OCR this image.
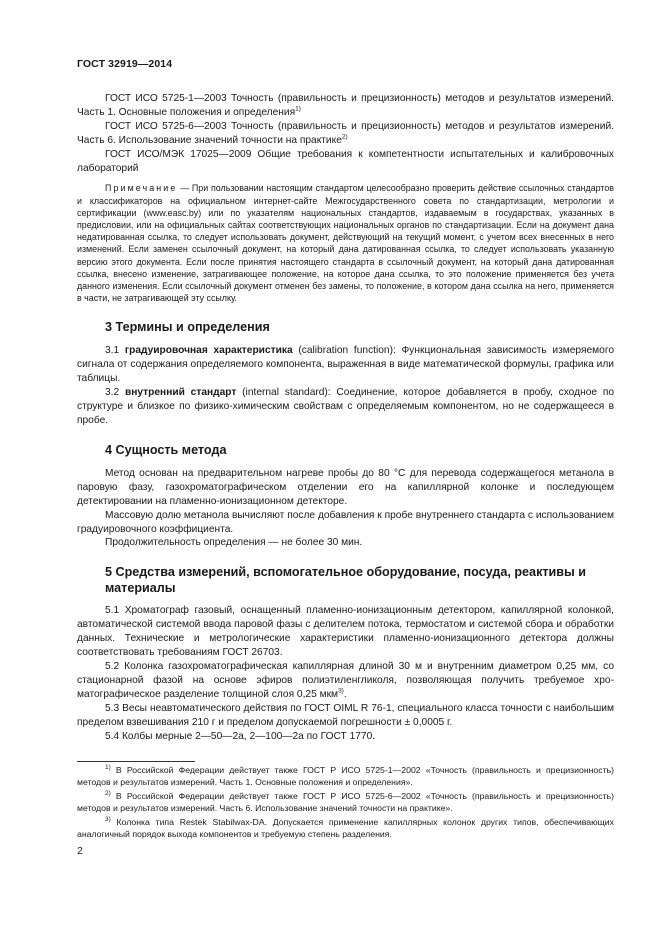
ГОСТ 32919—2014

ГОСТ ИСО 5725-1—2003 Точность (правильность и прецизионность) методов и результатов измерений. Часть 1. Основные положения и определения$^{1)}$

ГОСТ ИСО 5725-6—2003 Точность (правильность и прецизионность) методов и результатов измерений. Часть 6. Использование значений точности на практике$^{2)}$

ГОСТ ИСО/МЭК 17025—2009 Общие требования к компетентности испытательных и калибровочных лабораторий

Примечание — При пользовании настоящим стандартом целесообразно проверить действие ссылочных стандартов и классификаторов на официальном интернет-сайте Межгосударственного совета по стандартизации, метрологии и сертификации (www.easc.by) или по указателям национальных стандартов, издаваемым в государствах, указанных в предисловии, или на официальных сайтах соответствующих национальных органов по стандартизации. Если на документ дана недатированная ссылка, то следует использовать документ, действующий на текущий момент, с учетом всех внесенных в него изменений. Если заменен ссылочный документ, на который дана датированная ссылка, то следует использовать указанную версию этого документа. Если после принятия настоящего стандарта в ссылочный документ, на который дана датированная ссылка, внесено изменение, затрагивающее положение, на которое дана ссылка, то это положение применяется без учета данного изменения. Если ссылочный документ отменен без замены, то положение, в котором дана ссылка на него, применяется в части, не затрагивающей эту ссылку.

3 Термины и определения

3.1 градуировочная характеристика (calibration function): Функциональная зависимость измеряемого сигнала от содержания определяемого компонента, выраженная в виде математической формулы, графика или таблицы.

3.2 внутренний стандарт (internal standard): Соединение, которое добавляется в пробу, сходное по структуре и близкое по физико-химическим свойствам с определяемым компонентом, но не содержащееся в пробе.

4 Сущность метода

Метод основан на предварительном нагреве пробы до 80 °С для перевода содержащегося метанола в паровую фазу, газохроматографическом отделении его на капиллярной колонке и последующем детектировании на пламенно-ионизационном детекторе.

Массовую долю метанола вычисляют после добавления к пробе внутреннего стандарта с использованием градуировочного коэффициента.

Продолжительность определения — не более 30 мин.

5 Средства измерений, вспомогательное оборудование, посуда, реактивы и материалы

5.1 Хроматограф газовый, оснащенный пламенно-ионизационным детектором, капиллярной колонкой, автоматической системой ввода паровой фазы с делителем потока, термостатом и системой сбора и обработки данных. Технические и метрологические характеристики пламенно-ионизационного детектора должны соответствовать требованиям ГОСТ 26703.

5.2 Колонка газохроматографическая капиллярная длиной 30 м и внутренним диаметром 0,25 мм, со стационарной фазой на основе эфиров полиэтиленгликоля, позволяющая получить требуемое хроматографическое разделение толщиной слоя 0,25 мкм$^{3)}$.

5.3 Весы неавтоматического действия по ГОСТ OIML R 76-1, специального класса точности с наибольшим пределом взвешивания 210 г и пределом допускаемой погрешности ± 0,0005 г.

5.4 Колбы мерные 2—50—2а, 2—100—2а по ГОСТ 1770.

$^{1)}$ В Российской Федерации действует также ГОСТ Р ИСО 5725-1—2002 «Точность (правильность и прецизионность) методов и результатов измерений. Часть 1. Основные положения и определения».

$^{2)}$ В Российской Федерации действует также ГОСТ Р ИСО 5725-6—2002 «Точность (правильность и прецизионность) методов и результатов измерений. Часть 6. Использование значений точности на практике».

$^{3)}$ Колонка типа Restek Stabilwax-DA. Допускается применение капиллярных колонок других типов, обеспечивающих аналогичный порядок выхода компонентов и требуемую степень разделения.

2
